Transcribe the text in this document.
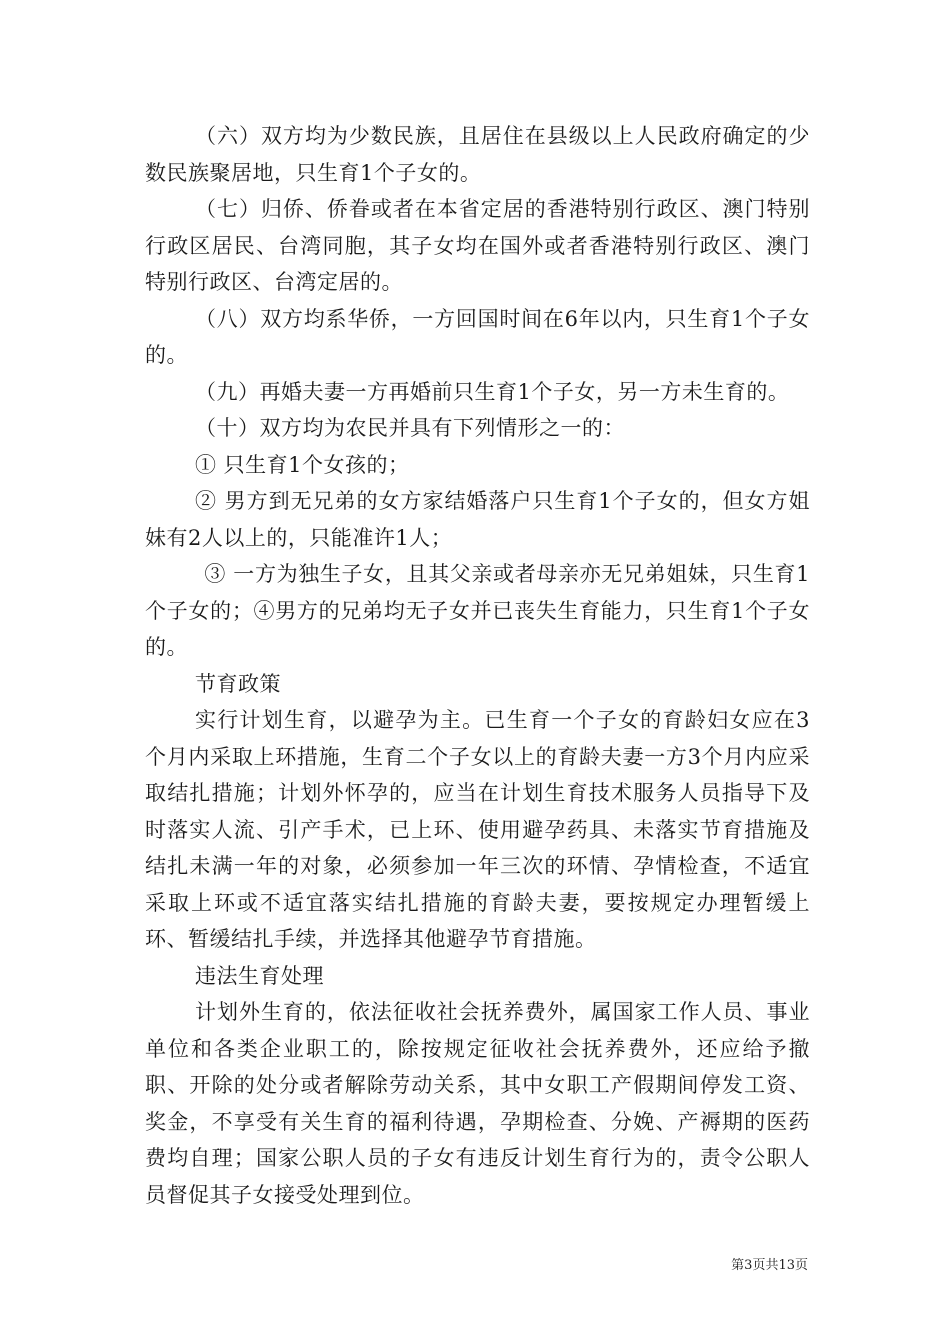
（六）双方均为少数民族，且居住在县级以上人民政府确定的少数民族聚居地，只生育1个子女的。

（七）归侨、侨眷或者在本省定居的香港特别行政区、澳门特别行政区居民、台湾同胞，其子女均在国外或者香港特别行政区、澳门特别行政区、台湾定居的。

（八）双方均系华侨，一方回国时间在6年以内，只生育1个子女的。

（九）再婚夫妻一方再婚前只生育1个子女，另一方未生育的。

（十）双方均为农民并具有下列情形之一的：

① 只生育1个女孩的；

② 男方到无兄弟的女方家结婚落户只生育1个子女的，但女方姐妹有2人以上的，只能准许1人；

③ 一方为独生子女，且其父亲或者母亲亦无兄弟姐妹，只生育1个子女的；④男方的兄弟均无子女并已丧失生育能力，只生育1个子女的。

节育政策

实行计划生育，以避孕为主。已生育一个子女的育龄妇女应在3个月内采取上环措施，生育二个子女以上的育龄夫妻一方3个月内应采取结扎措施；计划外怀孕的，应当在计划生育技术服务人员指导下及时落实人流、引产手术，已上环、使用避孕药具、未落实节育措施及结扎未满一年的对象，必须参加一年三次的环情、孕情检查，不适宜采取上环或不适宜落实结扎措施的育龄夫妻，要按规定办理暂缓上环、暂缓结扎手续，并选择其他避孕节育措施。

违法生育处理

计划外生育的，依法征收社会抚养费外，属国家工作人员、事业单位和各类企业职工的，除按规定征收社会抚养费外，还应给予撤职、开除的处分或者解除劳动关系，其中女职工产假期间停发工资、奖金，不享受有关生育的福利待遇，孕期检查、分娩、产褥期的医药费均自理；国家公职人员的子女有违反计划生育行为的，责令公职人员督促其子女接受处理到位。

第3页共13页
